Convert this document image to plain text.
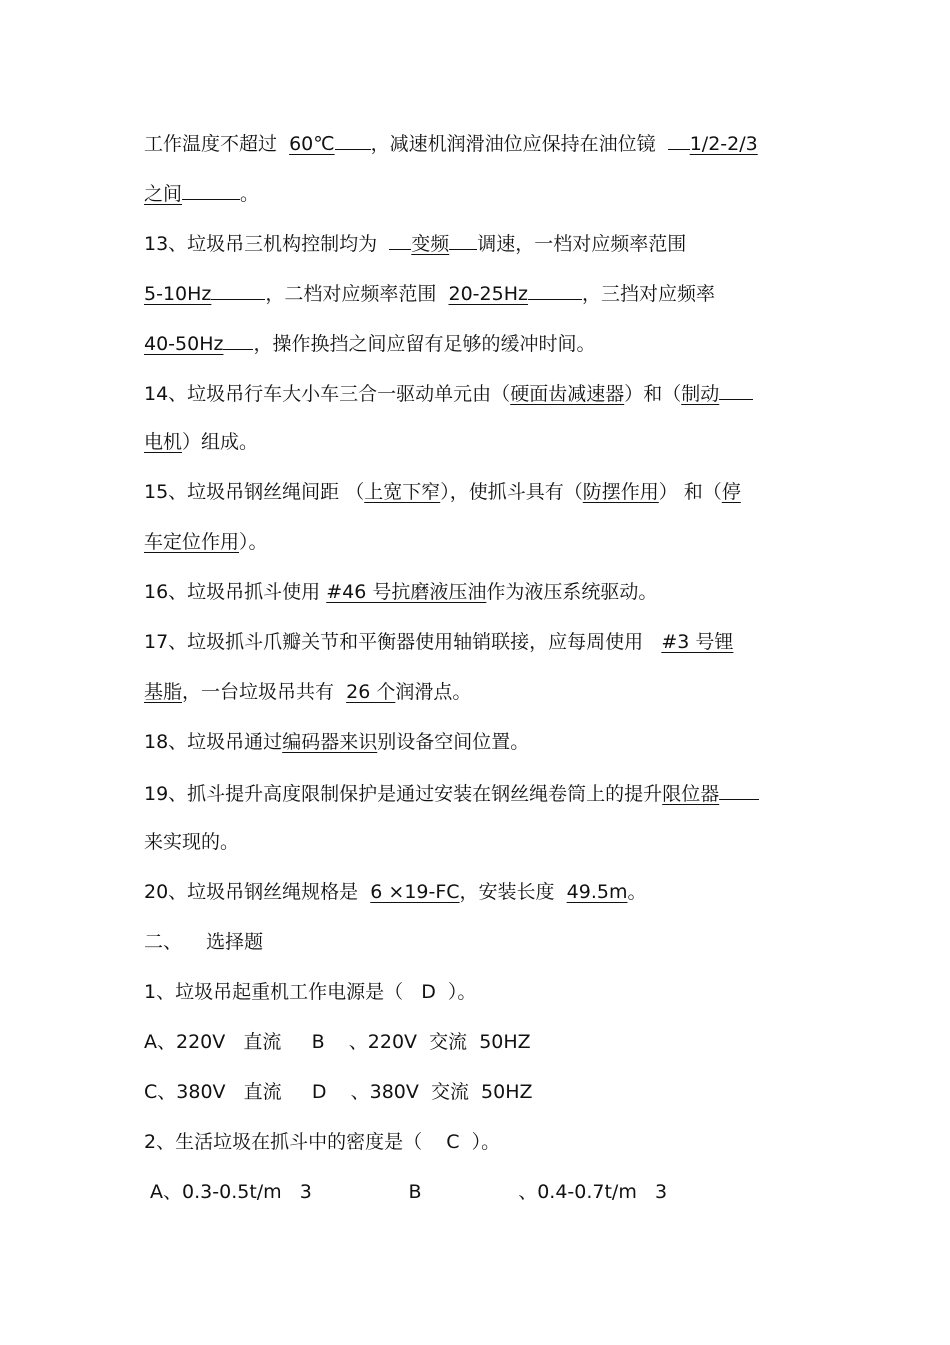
工作温度不超过  60℃ ，减速机润滑油位应保持在油位镜  1/2-2/3
之间	。
13、垃圾吊三机构控制均为  变频 调速，一档对应频率范围
5-10Hz	，二档对应频率范围  20-25Hz	，三挡对应频率
40-50Hz ，操作换挡之间应留有足够的缓冲时间。
14、垃圾吊行车大小车三合一驱动单元由（硬面齿减速器）和（制动
电机）组成。
15、垃圾吊钢丝绳间距 （上宽下窄），使抓斗具有（防摆作用） 和（停
车定位作用）。
16、垃圾吊抓斗使用 #46 号抗磨液压油作为液压系统驱动。
17、垃圾抓斗爪瓣关节和平衡器使用轴销联接，应每周使用   #3 号锂
基脂，一台垃圾吊共有  26 个润滑点。
18、垃圾吊通过编码器来识别设备空间位置。
19、抓斗提升高度限制保护是通过安装在钢丝绳卷筒上的提升限位器
来实现的。
20、垃圾吊钢丝绳规格是  6 ×19-FC，安装长度  49.5m。
二、    选择题
1、垃圾吊起重机工作电源是（   D  ）。
A、220V   直流     B    、220V  交流  50HZ
C、380V   直流     D    、380V  交流  50HZ
2、生活垃圾在抓斗中的密度是（    C  ）。
A、0.3-0.5t/m   3                B                、0.4-0.7t/m   3
